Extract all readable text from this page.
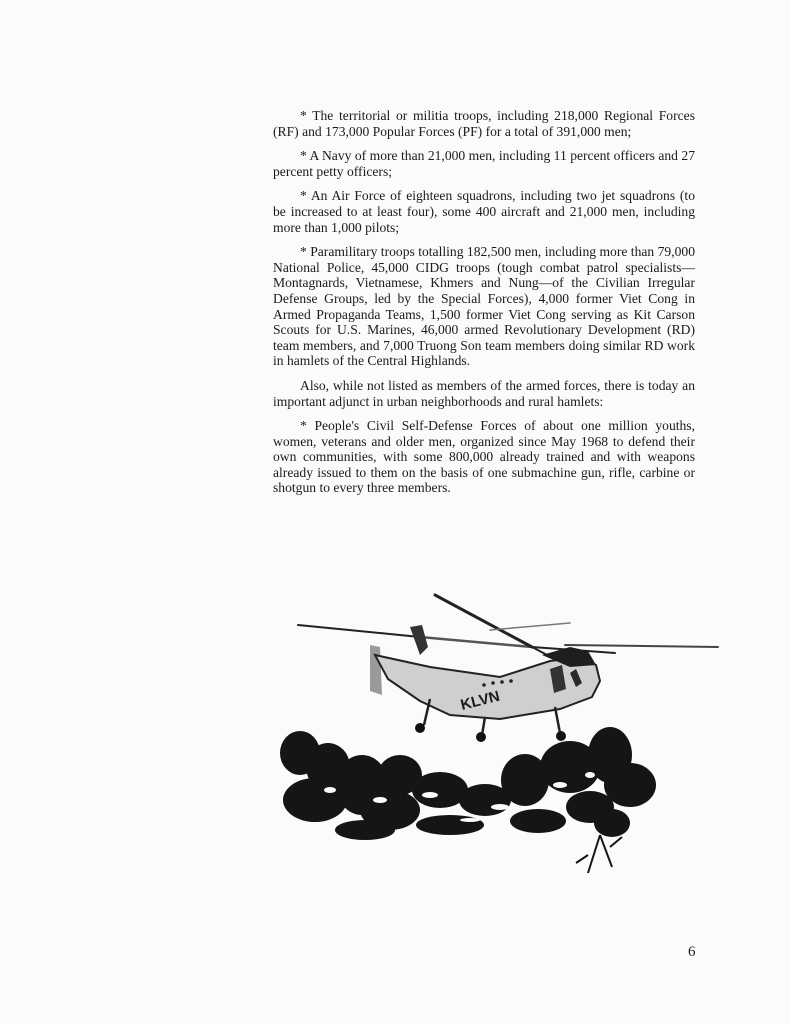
* The territorial or militia troops, including 218,000 Regional Forces (RF) and 173,000 Popular Forces (PF) for a total of 391,000 men;

* A Navy of more than 21,000 men, including 11 percent officers and 27 percent petty officers;

* An Air Force of eighteen squadrons, including two jet squadrons (to be increased to at least four), some 400 aircraft and 21,000 men, including more than 1,000 pilots;

* Paramilitary troops totalling 182,500 men, including more than 79,000 National Police, 45,000 CIDG troops (tough combat patrol specialists—Montagnards, Vietnamese, Khmers and Nung—of the Civilian Irregular Defense Groups, led by the Special Forces), 4,000 former Viet Cong in Armed Propaganda Teams, 1,500 former Viet Cong serving as Kit Carson Scouts for U.S. Marines, 46,000 armed Revolutionary Development (RD) team members, and 7,000 Truong Son team members doing similar RD work in hamlets of the Central Highlands.

Also, while not listed as members of the armed forces, there is today an important adjunct in urban neighborhoods and rural hamlets:

* People's Civil Self-Defense Forces of about one million youths, women, veterans and older men, organized since May 1968 to defend their own communities, with some 800,000 already trained and with weapons already issued to them on the basis of one submachine gun, rifle, carbine or shotgun to every three members.

KLVN
6
